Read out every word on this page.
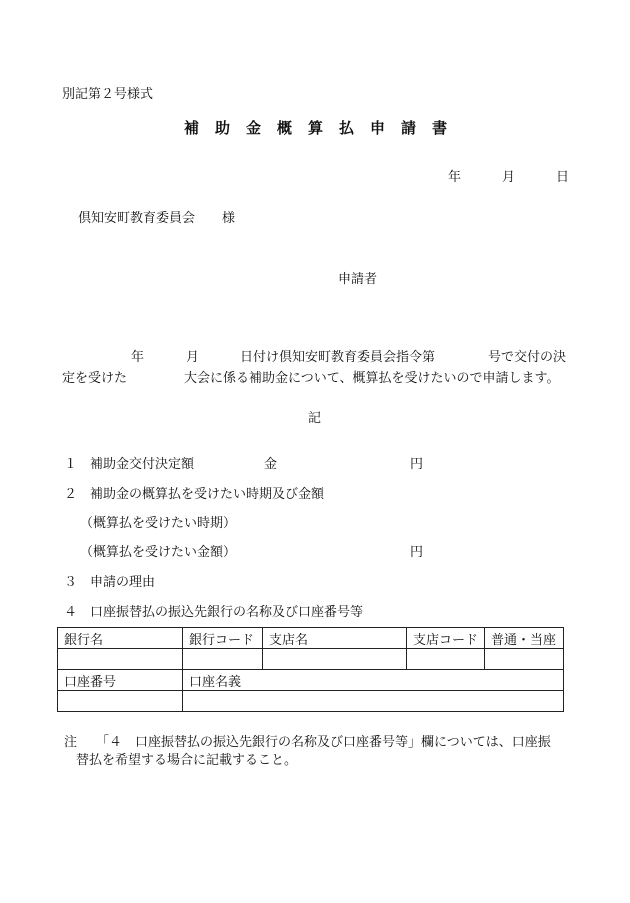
別記第２号様式
補助金概算払申請書
年	月	日
倶知安町教育委員会 様
申請者
年	月	日付け倶知安町教育委員会指令第	号で交付の決
定を受けた	大会に係る補助金について、概算払を受けたいので申請します。
記
１ 補助金交付決定額	金	円
２ 補助金の概算払を受けたい時期及び金額
（概算払を受けたい時期）
（概算払を受けたい金額）	円
３ 申請の理由
４ 口座振替払の振込先銀行の名称及び口座番号等
銀行名	銀行コード	支店名	支店コード	普通・当座

口座番号	口座名義			

注 「４　口座振替払の振込先銀行の名称及び口座番号等」欄については、口座振
替払を希望する場合に記載すること。
